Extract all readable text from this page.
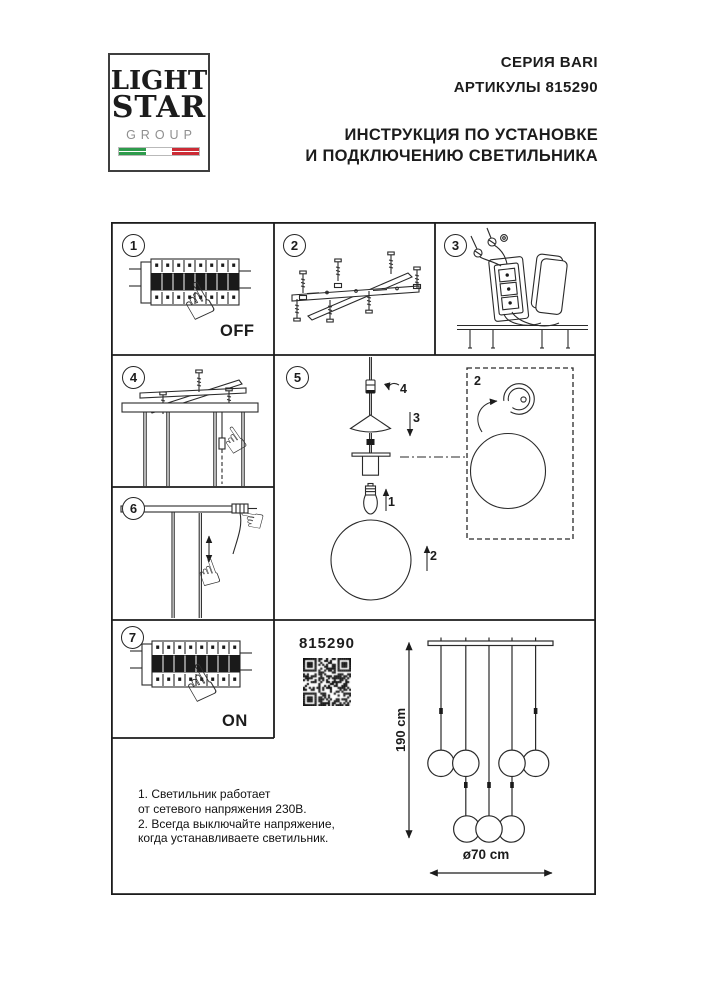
LIGHT
STAR
GROUP
СЕРИЯ BARI
АРТИКУЛЫ 815290
ИНСТРУКЦИЯ ПО УСТАНОВКЕ
И ПОДКЛЮЧЕНИЮ СВЕТИЛЬНИКА
1	2	3
4	5
6
7
☝
☝
☜
☝
☝
OFF
ON
4
3
1
2
2
815290
190 cm
ø70 cm
1. Светильник работает
от сетевого напряжения 230В.
2. Всегда выключайте напряжение,
когда устанавливаете светильник.
